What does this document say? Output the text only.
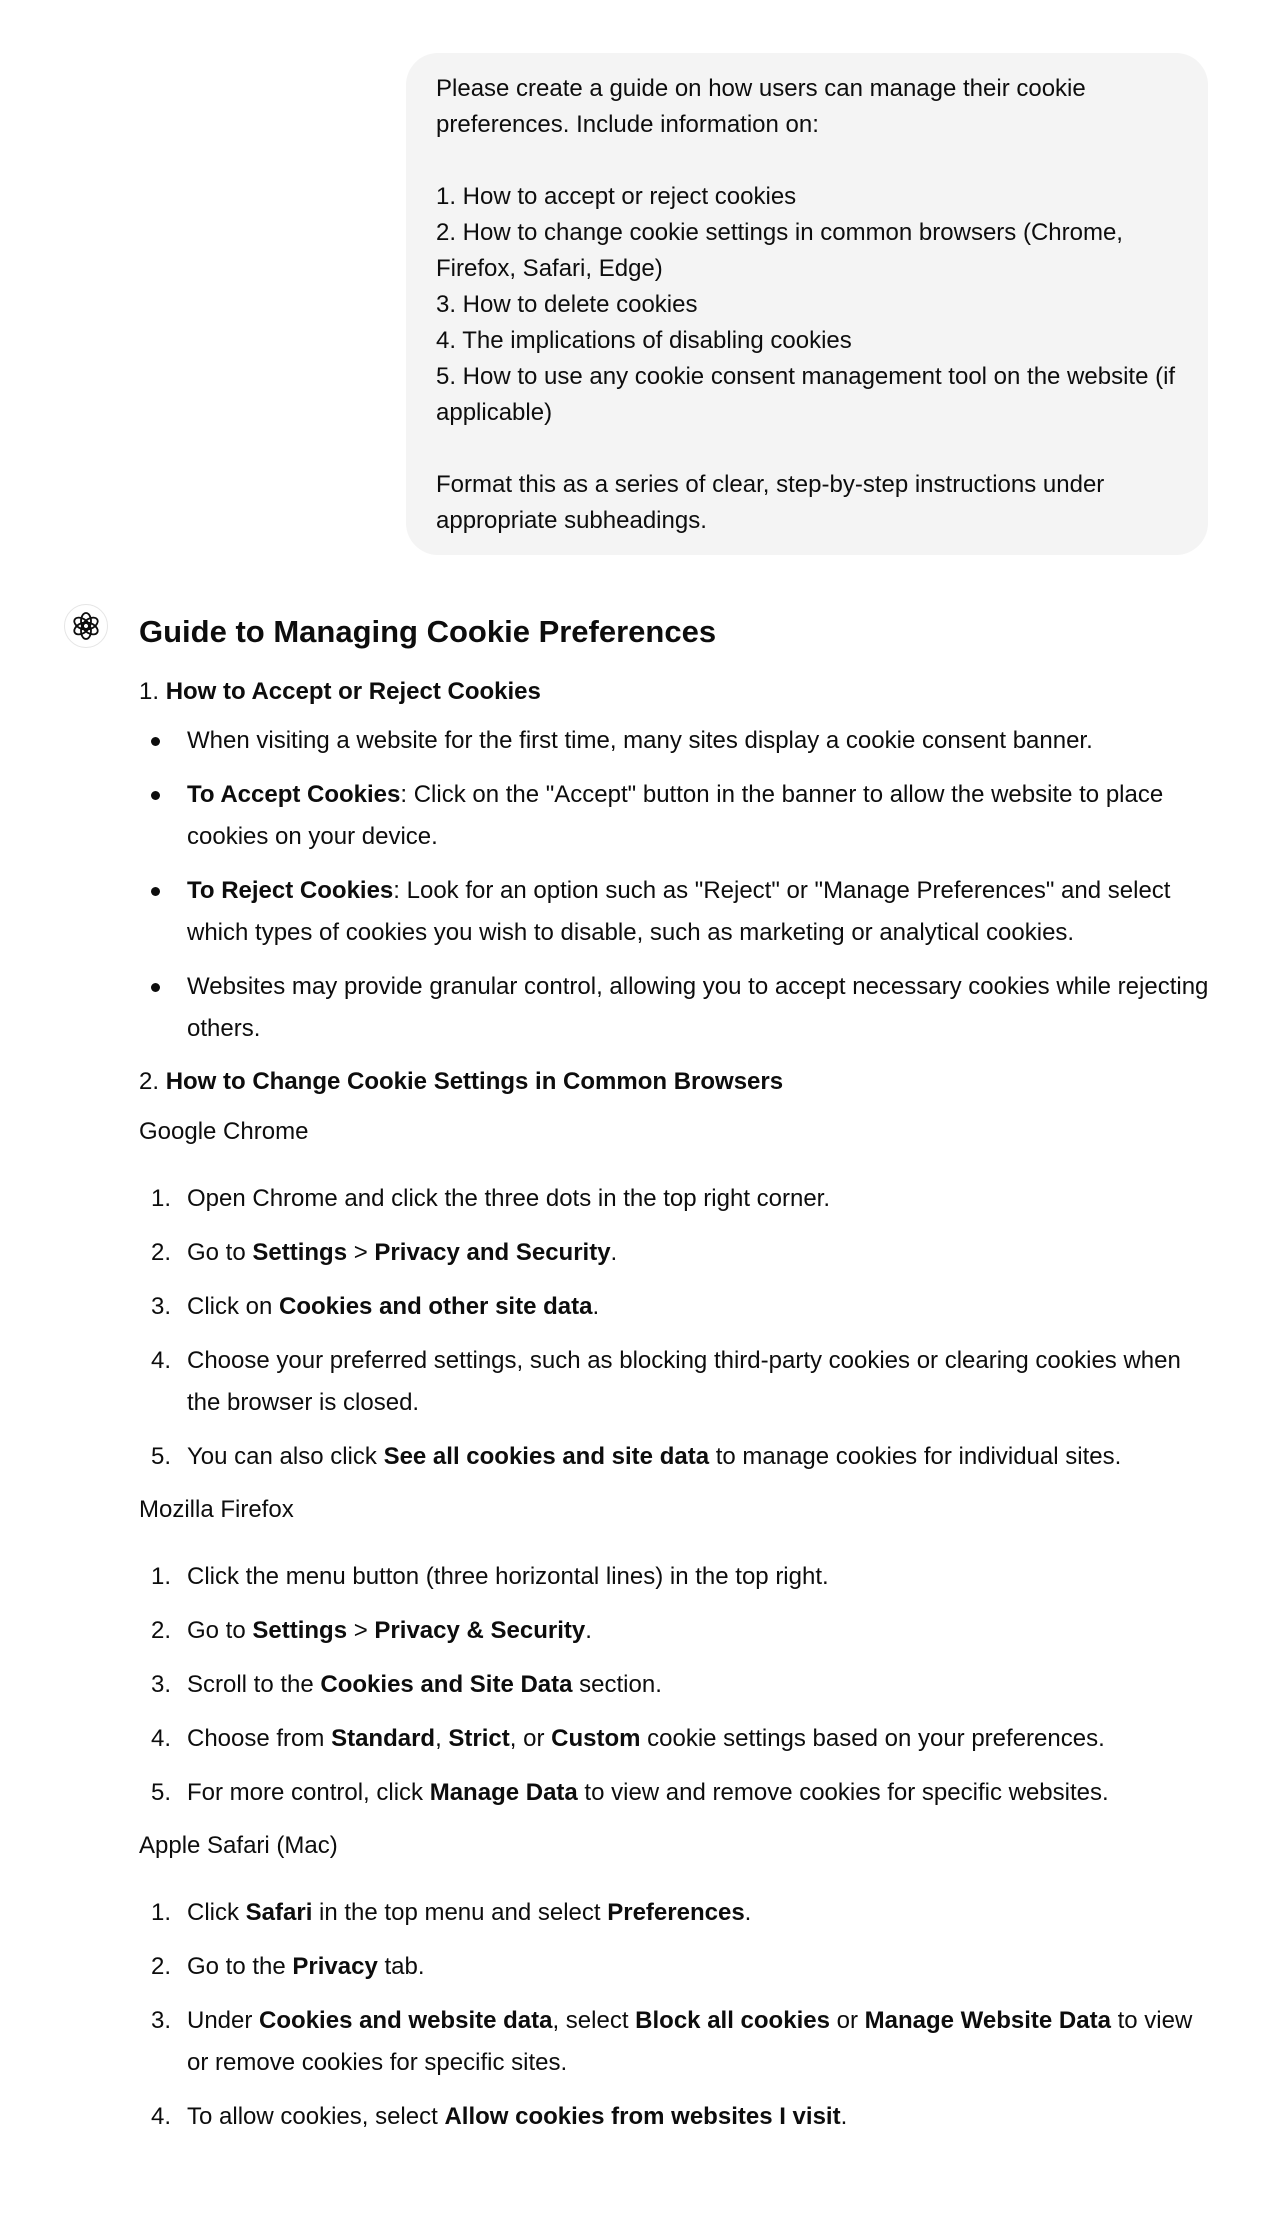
Please create a guide on how users can manage their cookie
preferences. Include information on:
1. How to accept or reject cookies
2. How to change cookie settings in common browsers (Chrome,
Firefox, Safari, Edge)
3. How to delete cookies
4. The implications of disabling cookies
5. How to use any cookie consent management tool on the website (if
applicable)
Format this as a series of clear, step-by-step instructions under
appropriate subheadings.
Guide to Managing Cookie Preferences
1. How to Accept or Reject Cookies
When visiting a website for the first time, many sites display a cookie consent banner.
To Accept Cookies: Click on the "Accept" button in the banner to allow the website to place cookies on your device.
To Reject Cookies: Look for an option such as "Reject" or "Manage Preferences" and select which types of cookies you wish to disable, such as marketing or analytical cookies.
Websites may provide granular control, allowing you to accept necessary cookies while rejecting others.
2. How to Change Cookie Settings in Common Browsers
Google Chrome
1. Open Chrome and click the three dots in the top right corner.
2. Go to Settings > Privacy and Security.
3. Click on Cookies and other site data.
4. Choose your preferred settings, such as blocking third-party cookies or clearing cookies when the browser is closed.
5. You can also click See all cookies and site data to manage cookies for individual sites.
Mozilla Firefox
1. Click the menu button (three horizontal lines) in the top right.
2. Go to Settings > Privacy & Security.
3. Scroll to the Cookies and Site Data section.
4. Choose from Standard, Strict, or Custom cookie settings based on your preferences.
5. For more control, click Manage Data to view and remove cookies for specific websites.
Apple Safari (Mac)
1. Click Safari in the top menu and select Preferences.
2. Go to the Privacy tab.
3. Under Cookies and website data, select Block all cookies or Manage Website Data to view or remove cookies for specific sites.
4. To allow cookies, select Allow cookies from websites I visit.
